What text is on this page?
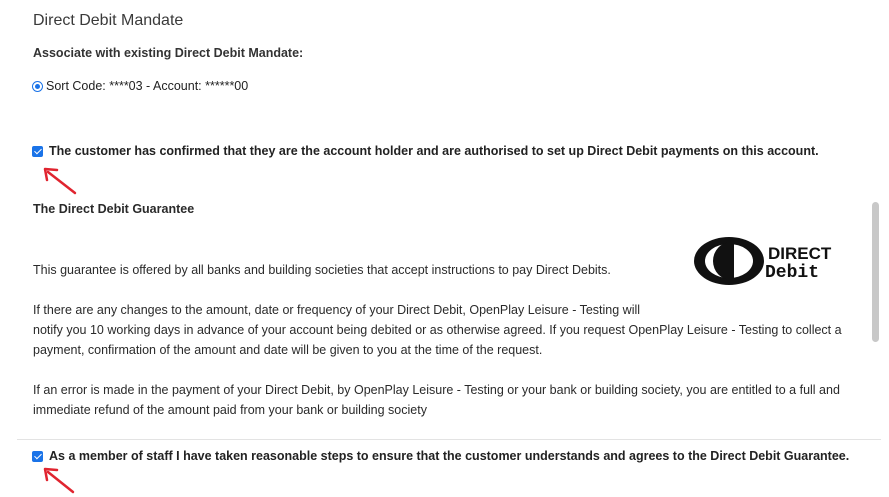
Direct Debit Mandate
Associate with existing Direct Debit Mandate:
Sort Code: ****03 - Account: ******00
The customer has confirmed that they are the account holder and are authorised to set up Direct Debit payments on this account.
The Direct Debit Guarantee
DIRECT
Debit

This guarantee is offered by all banks and building societies that accept instructions to pay Direct Debits.

If there are any changes to the amount, date or frequency of your Direct Debit, OpenPlay Leisure - Testing will

notify you 10 working days in advance of your account being debited or as otherwise agreed. If you request OpenPlay Leisure - Testing to collect a payment, confirmation of the amount and date will be given to you at the time of the request.

If an error is made in the payment of your Direct Debit, by OpenPlay Leisure - Testing or your bank or building society, you are entitled to a full and immediate refund of the amount paid from your bank or building society

As a member of staff I have taken reasonable steps to ensure that the customer understands and agrees to the Direct Debit Guarantee.
